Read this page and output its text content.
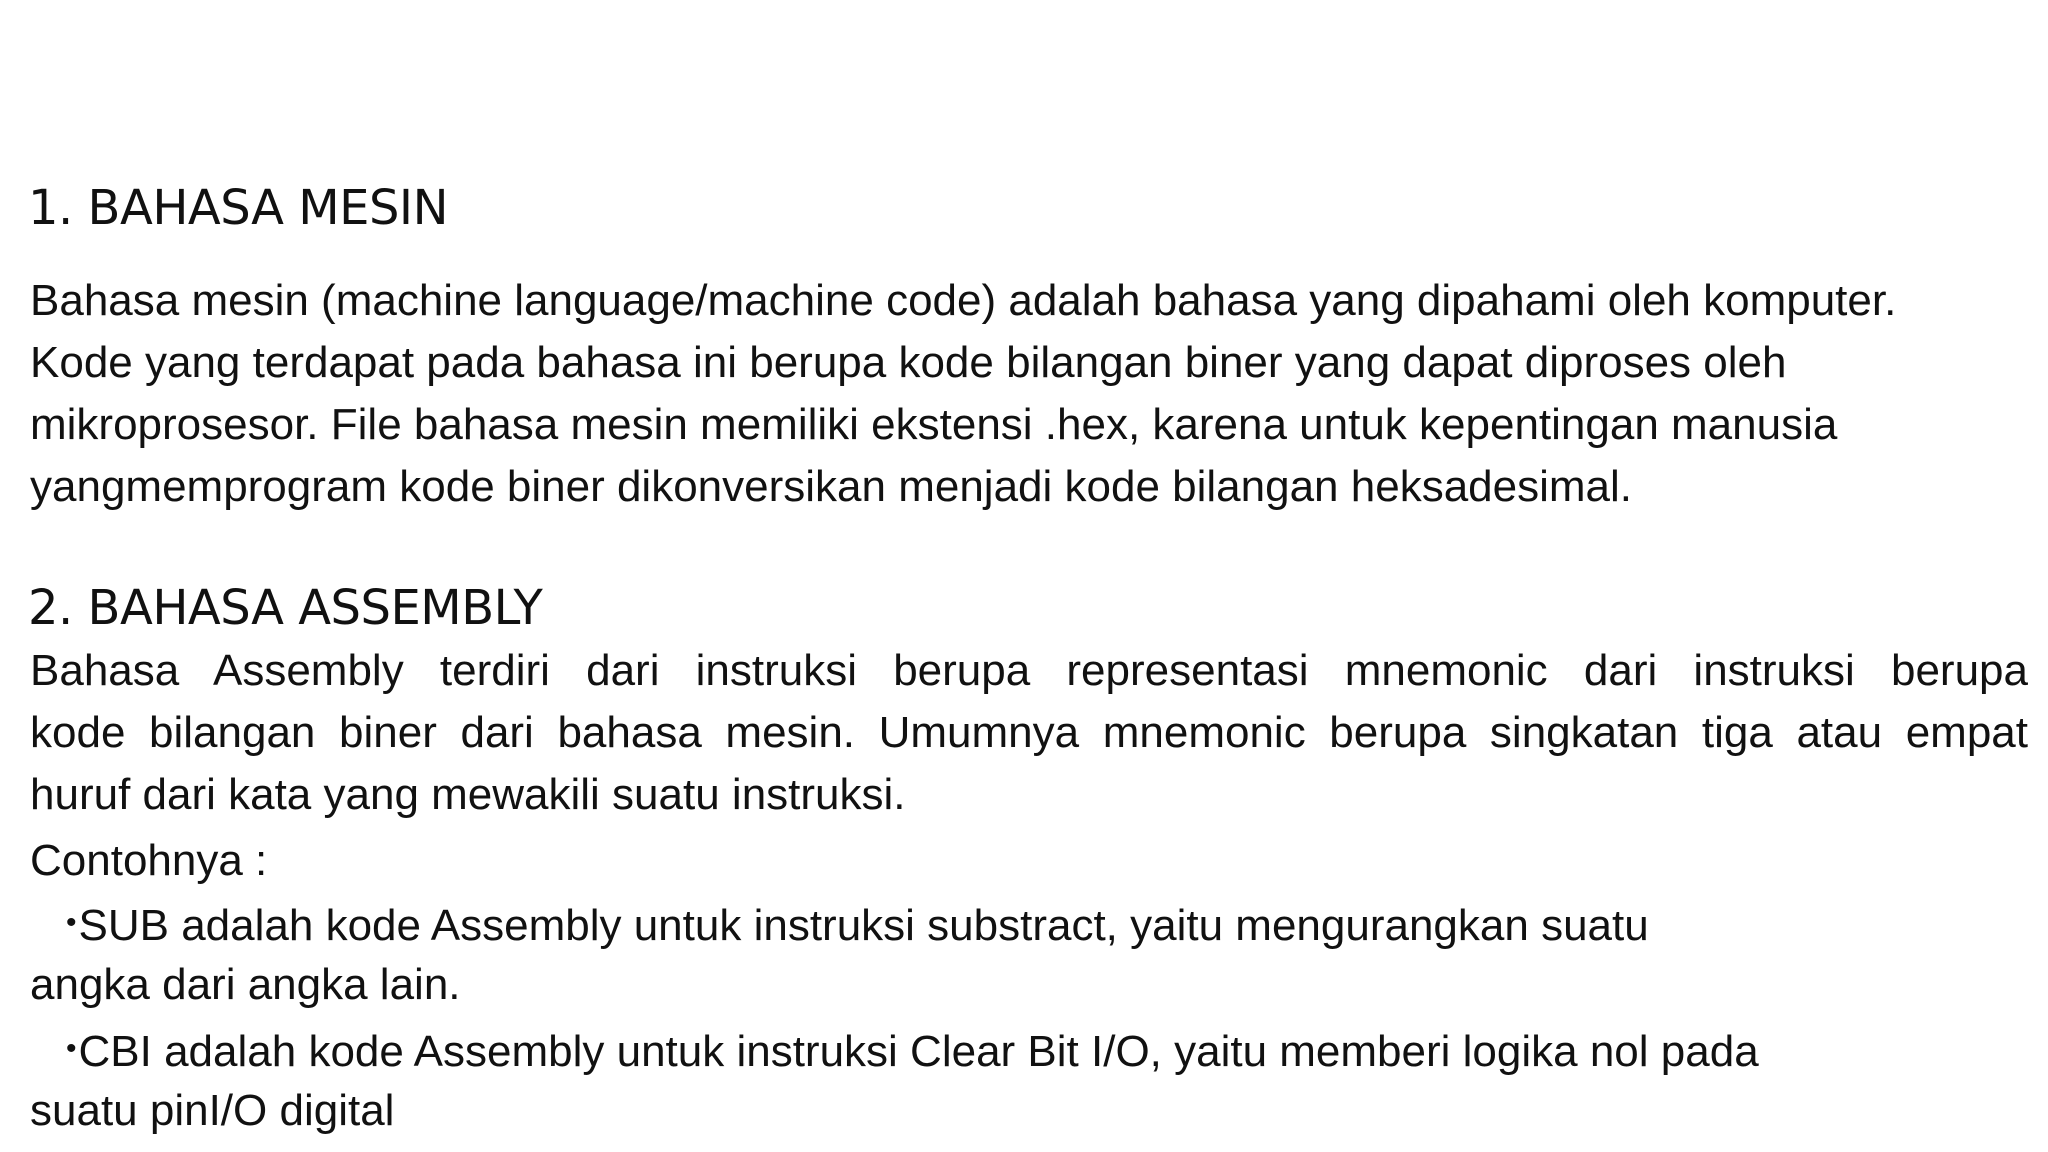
1. BAHASA MESIN
Bahasa mesin (machine language/machine code) adalah bahasa yang dipahami oleh komputer.
Kode yang terdapat pada bahasa ini berupa kode bilangan biner yang dapat diproses oleh
mikroprosesor. File bahasa mesin memiliki ekstensi .hex, karena untuk kepentingan manusia
yangmemprogram kode biner dikonversikan menjadi kode bilangan heksadesimal.
2. BAHASA ASSEMBLY
Bahasa Assembly terdiri dari instruksi berupa representasi mnemonic dari instruksi berupa
kode bilangan biner dari bahasa mesin. Umumnya mnemonic berupa singkatan tiga atau empat
huruf dari kata yang mewakili suatu instruksi.
Contohnya :
•SUB adalah kode Assembly untuk instruksi substract, yaitu mengurangkan suatu
angka dari angka lain.
•CBI adalah kode Assembly untuk instruksi Clear Bit I/O, yaitu memberi logika nol pada
suatu pinI/O digital
